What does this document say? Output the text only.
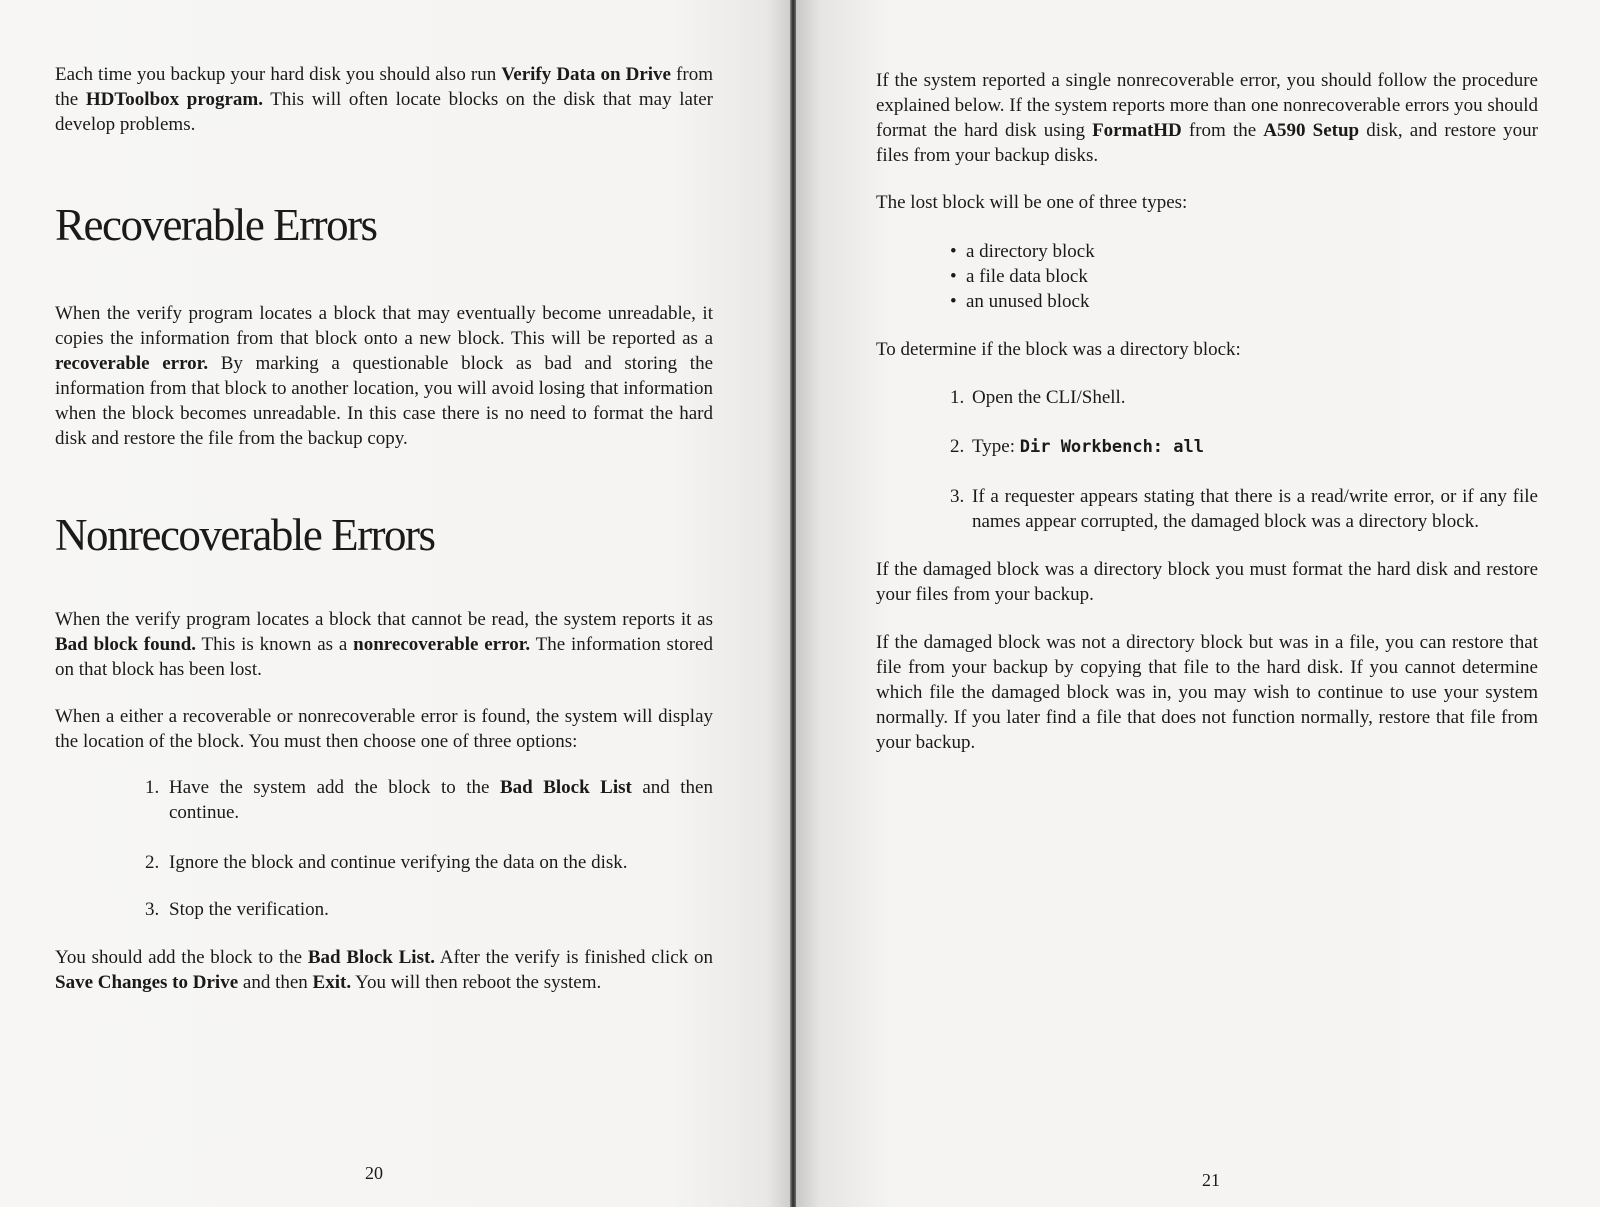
Each time you backup your hard disk you should also run Verify Data on Drive from the HDToolbox program. This will often locate blocks on the disk that may later develop problems.

Recoverable Errors

When the verify program locates a block that may eventually become unreadable, it copies the information from that block onto a new block. This will be reported as a recoverable error. By marking a questionable block as bad and storing the information from that block to another location, you will avoid losing that information when the block becomes unreadable. In this case there is no need to format the hard disk and restore the file from the backup copy.

Nonrecoverable Errors

When the verify program locates a block that cannot be read, the system reports it as Bad block found. This is known as a nonrecoverable error. The information stored on that block has been lost.

When a either a recoverable or nonrecoverable error is found, the system will display the location of the block. You must then choose one of three options:

1. Have the system add the block to the Bad Block List and then continue.
2. Ignore the block and continue verifying the data on the disk.
3. Stop the verification.

You should add the block to the Bad Block List. After the verify is finished click on Save Changes to Drive and then Exit. You will then reboot the system.

20

If the system reported a single nonrecoverable error, you should follow the procedure explained below. If the system reports more than one nonrecoverable errors you should format the hard disk using FormatHD from the A590 Setup disk, and restore your files from your backup disks.

The lost block will be one of three types:

• a directory block
• a file data block
• an unused block

To determine if the block was a directory block:

1. Open the CLI/Shell.
2. Type: Dir Workbench: all
3. If a requester appears stating that there is a read/write error, or if any file names appear corrupted, the damaged block was a directory block.

If the damaged block was a directory block you must format the hard disk and restore your files from your backup.

If the damaged block was not a directory block but was in a file, you can restore that file from your backup by copying that file to the hard disk. If you cannot determine which file the damaged block was in, you may wish to continue to use your system normally. If you later find a file that does not function normally, restore that file from your backup.

21
